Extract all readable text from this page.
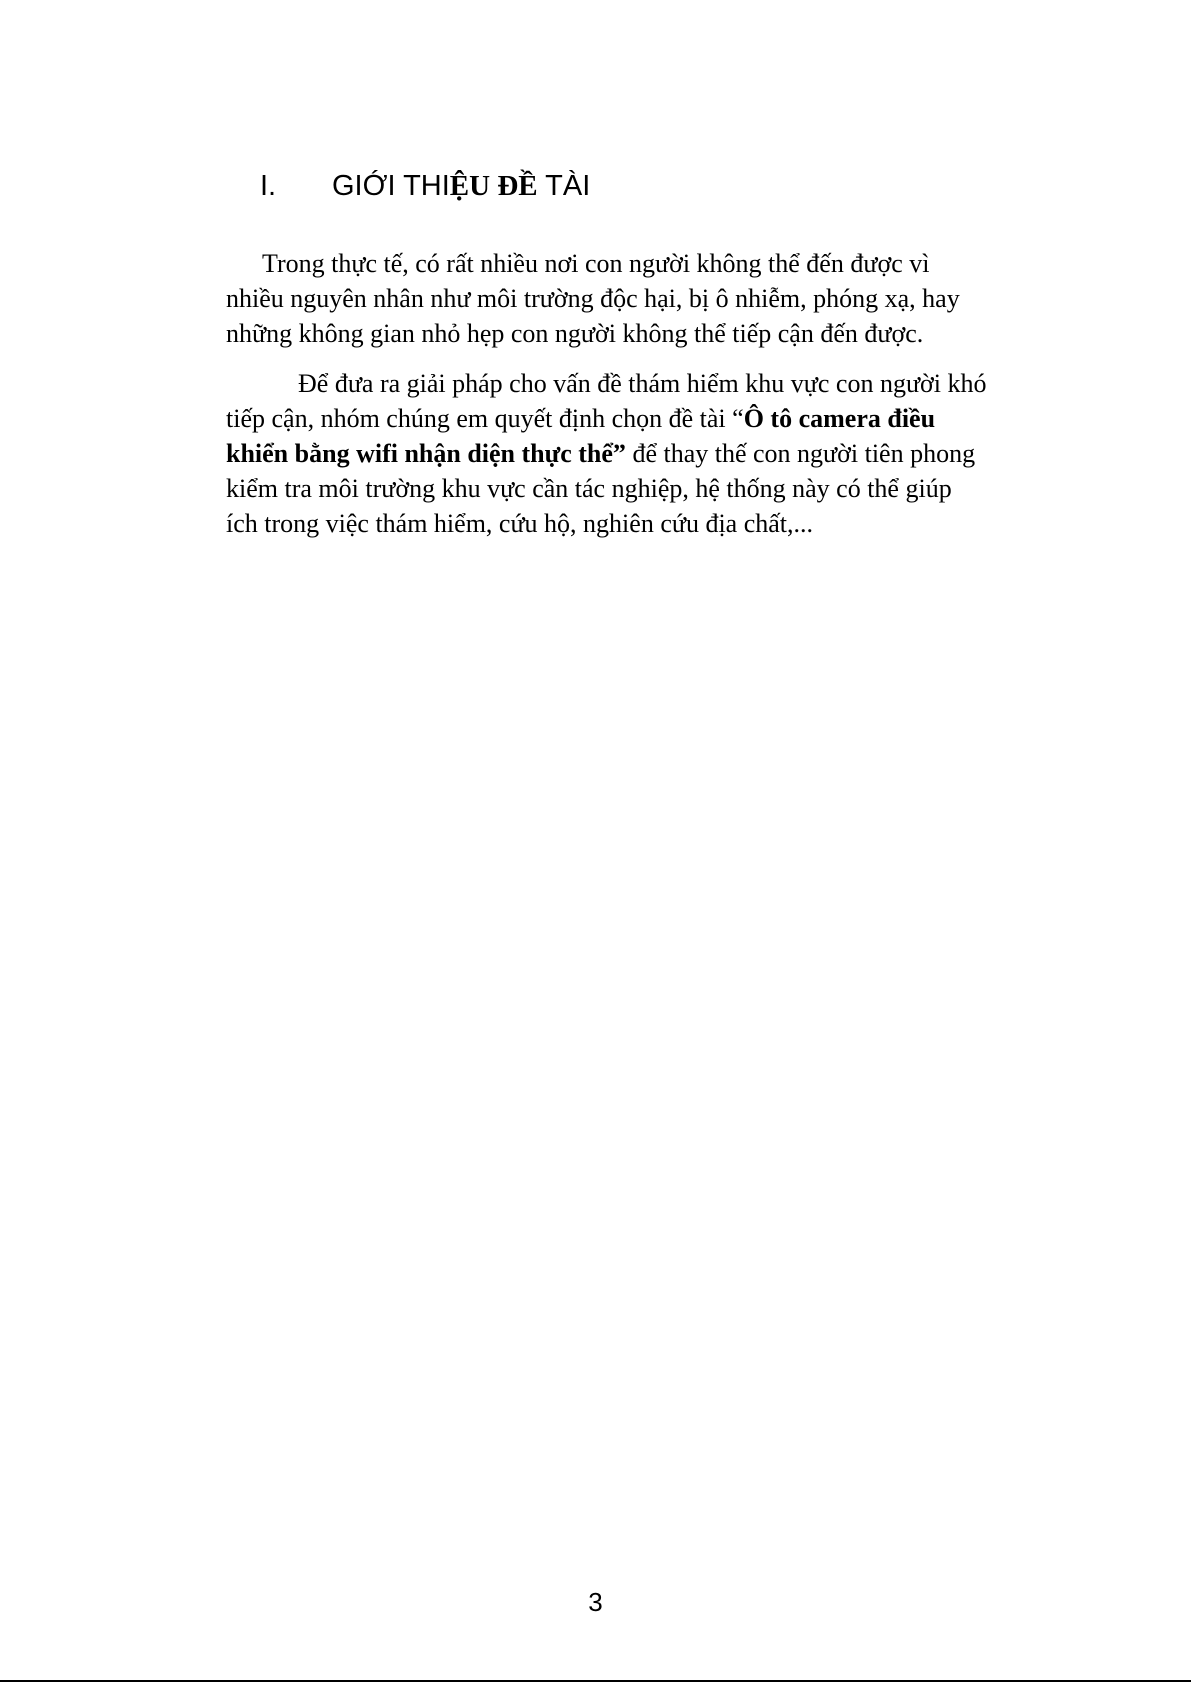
I. GIỚI THIỆU ĐỀ TÀI

Trong thực tế, có rất nhiều nơi con người không thể đến được vì
nhiều nguyên nhân như môi trường độc hại, bị ô nhiễm, phóng xạ, hay
những không gian nhỏ hẹp con người không thể tiếp cận đến được.

Để đưa ra giải pháp cho vấn đề thám hiểm khu vực con người khó
tiếp cận, nhóm chúng em quyết định chọn đề tài “Ô tô camera điều
khiển bằng wifi nhận diện thực thể” để thay thế con người tiên phong
kiểm tra môi trường khu vực cần tác nghiệp, hệ thống này có thể giúp
ích trong việc thám hiểm, cứu hộ, nghiên cứu địa chất,...

3
